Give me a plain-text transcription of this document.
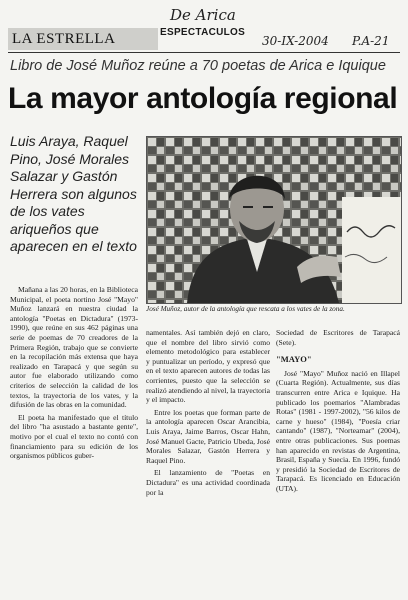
LA ESTRELLA	ESPECTACULOS
De Arica
30-IX-2004 P.A-21
Libro de José Muñoz reúne a 70 poetas de Arica e Iquique
La mayor antología regional
Luis Araya, Raquel Pino, José Morales Salazar y Gastón Herrera son algunos de los vates ariqueños que aparecen en el texto
José Muñoz, autor de la antología que rescata a los vates de la zona.

Mañana a las 20 horas, en la Biblioteca Municipal, el poeta nortino José "Mayo" Muñoz lanzará en nuestra ciudad la antología "Poetas en Dictadura" (1973-1990), que reúne en sus 462 páginas una serie de poemas de 70 creadores de la Primera Región, trabajo que se convierte en la recopilación más extensa que haya realizado en Tarapacá y que según su autor fue elaborado utilizando como criterios de selección la calidad de los textos, la trayectoria de los vates, y la difusión de las obras en la comunidad.

El poeta ha manifestado que el título del libro "ha asustado a bastante gente", motivo por el cual el texto no contó con financiamiento para su edición de los organismos públicos guber-

namentales. Así también dejó en claro, que el nombre del libro sirvió como elemento metodológico para establecer y puntualizar un período, y expresó que en el texto aparecen autores de todas las corrientes, puesto que la selección se realizó atendiendo al nivel, la trayectoria y el impacto.

Entre los poetas que forman parte de la antología aparecen Oscar Arancibia, Luis Araya, Jaime Barros, Oscar Hahn, José Manuel Gacte, Patricio Ubeda, José Morales Salazar, Gastón Herrera y Raquel Pino.

El lanzamiento de "Poetas en Dictadura" es una actividad coordinada por la

Sociedad de Escritores de Tarapacá (Sete).

"MAYO"

José "Mayo" Muñoz nació en Illapel (Cuarta Región). Actualmente, sus días transcurren entre Arica e Iquique. Ha publicado los poemarios "Alambradas Rotas" (1981 - 1997-2002), "56 kilos de carne y hueso" (1984), "Poesía criar cantando" (1987), "Norteamar" (2004), entre otras publicaciones. Sus poemas han aparecido en revistas de Argentina, Brasil, España y Suecia. En 1996, fundó y presidió la Sociedad de Escritores de Tarapacá. Es licenciado en Educación (UTA).
